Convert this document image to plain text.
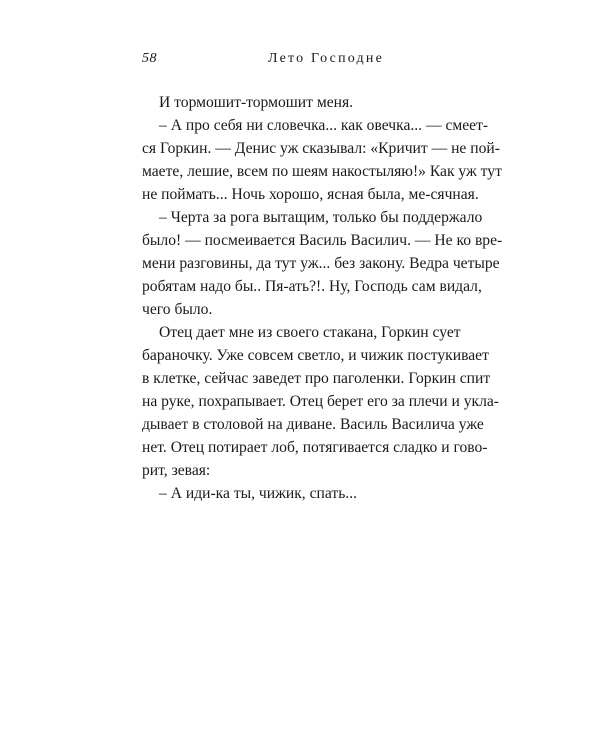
58	Лето Господне
И тормошит-тормошит меня.
– А про себя ни словечка... как овечка... — смеет-
ся Горкин. — Денис уж сказывал: «Кричит — не пой-
маете, лешие, всем по шеям накостыляю!» Как уж тут
не поймать... Ночь хорошо, ясная была, ме-сячная.
– Черта за рога вытащим, только бы поддержало
было! — посмеивается Василь Василич. — Не ко вре-
мени разговины, да тут уж... без закону. Ведра четыре
робятам надо бы.. Пя-ать?!. Ну, Господь сам видал,
чего было.
Отец дает мне из своего стакана, Горкин сует
бараночку. Уже совсем светло, и чижик постукивает
в клетке, сейчас заведет про паголенки. Горкин спит
на руке, похрапывает. Отец берет его за плечи и укла-
дывает в столовой на диване. Василь Василича уже
нет. Отец потирает лоб, потягивается сладко и гово-
рит, зевая:
– А иди-ка ты, чижик, спать...
